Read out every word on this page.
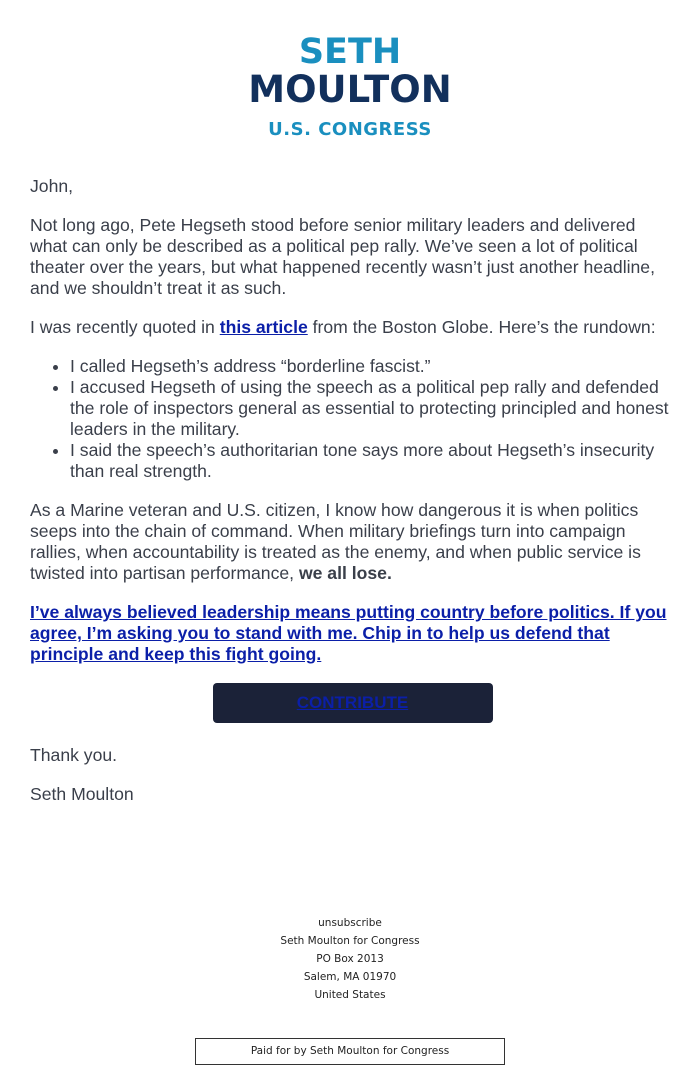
SETH
MOULTON
U.S. CONGRESS

John,

Not long ago, Pete Hegseth stood before senior military leaders and delivered what can only be described as a political pep rally. We’ve seen a lot of political theater over the years, but what happened recently wasn’t just another headline, and we shouldn’t treat it as such.

I was recently quoted in this article from the Boston Globe. Here’s the rundown:

• I called Hegseth’s address “borderline fascist.”
• I accused Hegseth of using the speech as a political pep rally and defended the role of inspectors general as essential to protecting principled and honest leaders in the military.
• I said the speech’s authoritarian tone says more about Hegseth’s insecurity than real strength.

As a Marine veteran and U.S. citizen, I know how dangerous it is when politics seeps into the chain of command. When military briefings turn into campaign rallies, when accountability is treated as the enemy, and when public service is twisted into partisan performance, we all lose.

I’ve always believed leadership means putting country before politics. If you agree, I’m asking you to stand with me. Chip in to help us defend that principle and keep this fight going.

CONTRIBUTE

Thank you.

Seth Moulton

unsubscribe
Seth Moulton for Congress
PO Box 2013
Salem, MA 01970
United States
Paid for by Seth Moulton for Congress
